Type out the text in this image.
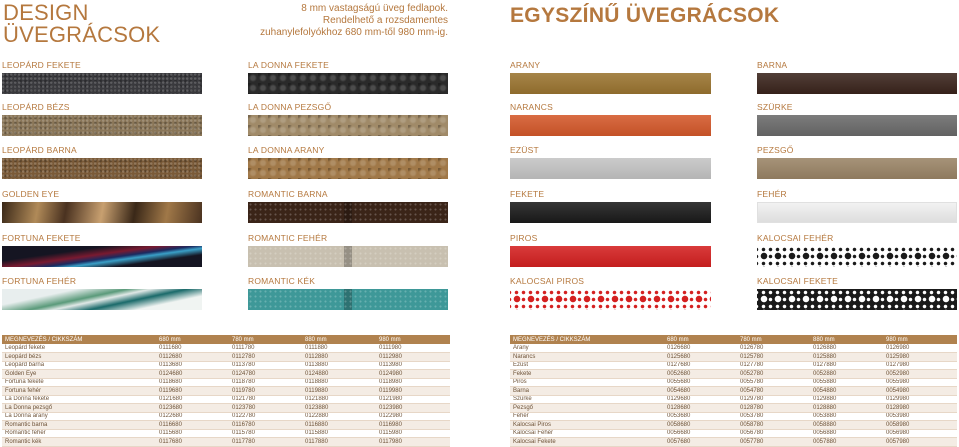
DESIGN
ÜVEGRÁCSOK
8 mm vastagságú üveg fedlapok.
Rendelhető a rozsdamentes
zuhanylefolyókhoz 680 mm-től 980 mm-ig.
EGYSZÍNŰ ÜVEGRÁCSOK
LEOPÁRD FEKETE	LA DONNA FEKETE
LEOPÁRD BÉZS	LA DONNA PEZSGŐ
LEOPÁRD BARNA	LA DONNA ARANY
GOLDEN EYE	ROMANTIC BARNA
FORTUNA FEKETE	ROMANTIC FEHÉR
FORTUNA FEHÉR	ROMANTIC KÉK
ARANY	BARNA
NARANCS	SZÜRKE
EZÜST	PEZSGŐ
FEKETE	FEHÉR
PIROS	KALOCSAI FEHÉR
KALOCSAI PIROS	KALOCSAI FEKETE
MEGNEVEZÉS / CIKKSZÁM	680 mm	780 mm	880 mm	980 mm
Leopárd fekete	0111680	0111780	0111880	0111980
Leopárd bézs	0112680	0112780	0112880	0112980
Leopárd barna	0113680	0113780	0113880	0113980
Golden Eye	0124680	0124780	0124880	0124980
Fortuna fekete	0118680	0118780	0118880	0118980
Fortuna fehér	0119680	0119780	0119880	0119980
La Donna fekete	0121680	0121780	0121880	0121980
La Donna pezsgő	0123680	0123780	0123880	0123980
La Donna arany	0122680	0122780	0122880	0122980
Romantic barna	0116680	0116780	0116880	0116980
Romantic fehér	0115680	0115780	0115880	0115980
Romantic kék	0117680	0117780	0117880	0117980
MEGNEVEZÉS / CIKKSZÁM	680 mm	780 mm	880 mm	980 mm
Arany	0126680	0126780	0126880	0126980
Narancs	0125680	0125780	0125880	0125980
Ezüst	0127680	0127780	0127880	0127980
Fekete	0052680	0052780	0052880	0052980
Piros	0055680	0055780	0055880	0055980
Barna	0054680	0054780	0054880	0054980
Szürke	0129680	0129780	0129880	0129980
Pezsgő	0128680	0128780	0128880	0128980
Fehér	0053680	0053780	0053880	0053980
Kalocsai Piros	0058680	0058780	0058880	0058980
Kalocsai Fehér	0056680	0056780	0056880	0056980
Kalocsai Fekete	0057680	0057780	0057880	0057980
